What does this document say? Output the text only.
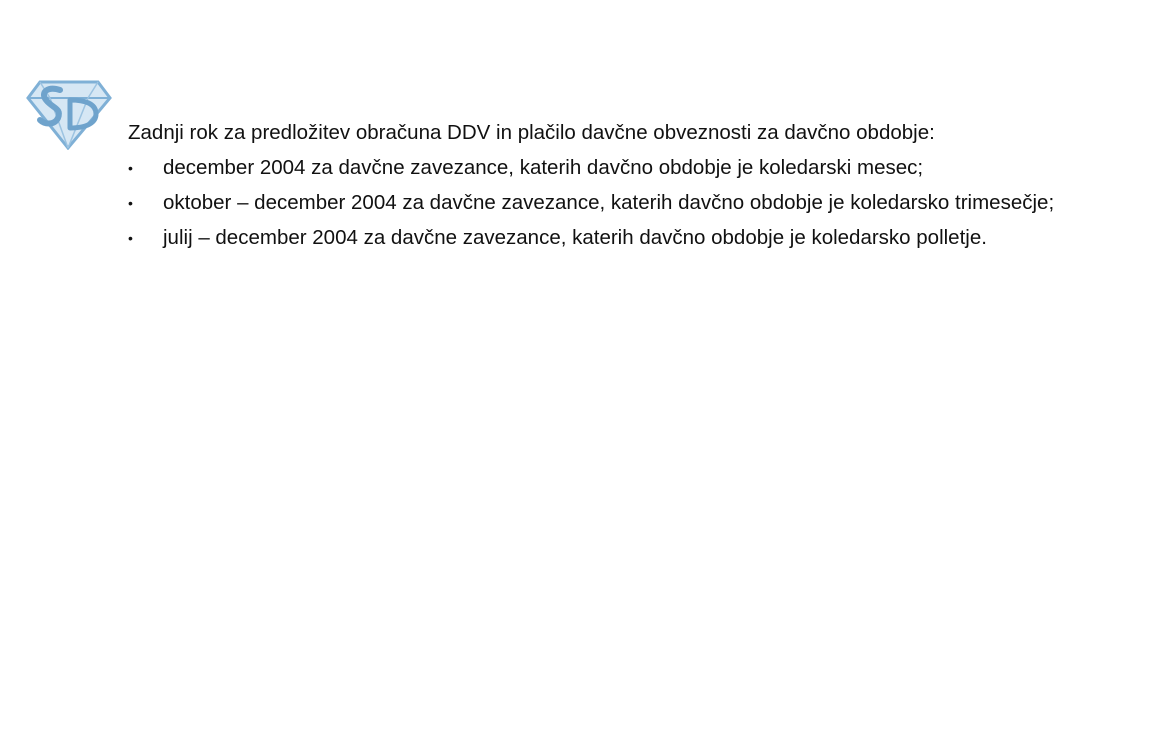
Zadnji rok za predložitev obračuna DDV in plačilo davčne obveznosti za davčno obdobje:

• december 2004 za davčne zavezance, katerih davčno obdobje je koledarski mesec;
• oktober – december 2004 za davčne zavezance, katerih davčno obdobje je koledarsko trimesečje;
• julij – december 2004 za davčne zavezance, katerih davčno obdobje je koledarsko polletje.
